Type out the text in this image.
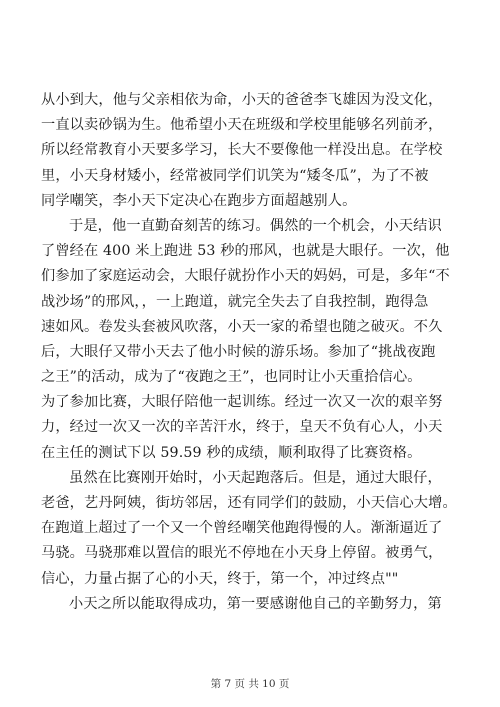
从小到大，他与父亲相依为命，小天的爸爸李飞雄因为没文化，
一直以卖砂锅为生。他希望小天在班级和学校里能够名列前矛，
所以经常教育小天要多学习，长大不要像他一样没出息。在学校
里，小天身材矮小，经常被同学们讥笑为“矮冬瓜”，为了不被
同学嘲笑，李小天下定决心在跑步方面超越别人。
于是，他一直勤奋刻苦的练习。偶然的一个机会，小天结识
了曾经在 400 米上跑进 53 秒的邢风，也就是大眼仔。一次，他
们参加了家庭运动会，大眼仔就扮作小天的妈妈，可是，多年“不
战沙场”的邢风，，一上跑道，就完全失去了自我控制，跑得急
速如风。卷发头套被风吹落，小天一家的希望也随之破灭。不久
后，大眼仔又带小天去了他小时候的游乐场。参加了“挑战夜跑
之王”的活动，成为了“夜跑之王”，也同时让小天重拾信心。
为了参加比赛，大眼仔陪他一起训练。经过一次又一次的艰辛努
力，经过一次又一次的辛苦汗水，终于，皇天不负有心人，小天
在主任的测试下以 59.59 秒的成绩，顺利取得了比赛资格。
虽然在比赛刚开始时，小天起跑落后。但是，通过大眼仔，
老爸，艺丹阿姨，街坊邻居，还有同学们的鼓励，小天信心大增。
在跑道上超过了一个又一个曾经嘲笑他跑得慢的人。渐渐逼近了
马骁。马骁那难以置信的眼光不停地在小天身上停留。被勇气，
信心，力量占据了心的小天，终于，第一个，冲过终点""
小天之所以能取得成功，第一要感谢他自己的辛勤努力，第
第 7 页 共 10 页
